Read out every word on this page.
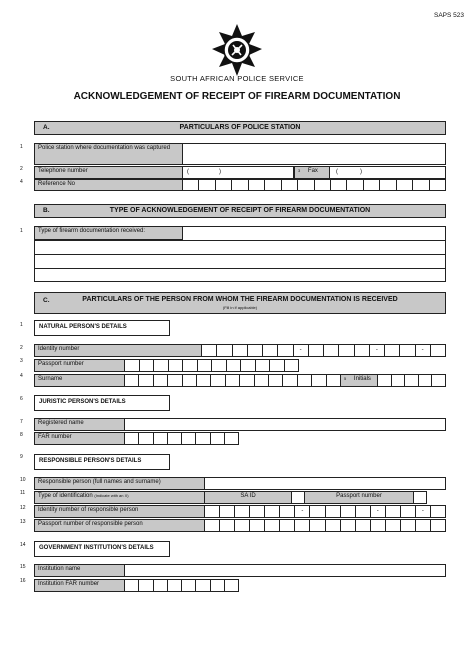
SAPS 523
SOUTH AFRICAN POLICE SERVICE
ACKNOWLEDGEMENT OF RECEIPT OF FIREARM DOCUMENTATION
A.	PARTICULARS OF POLICE STATION
1	Police station where documentation was captured
2	Telephone number	(	)	$^3$ Fax	(	)
4	Reference No
B.	TYPE OF ACKNOWLEDGEMENT OF RECEIPT OF FIREARM DOCUMENTATION
1	Type of firearm documentation received:
C.	PARTICULARS OF THE PERSON FROM WHOM THE FIREARM DOCUMENTATION IS RECEIVED
(Fill in if applicable)
1	NATURAL PERSON'S DETAILS
2	Identity number	-	-	-
3	Passport number
4	Surname	$^5$ Initials
6	JURISTIC PERSON'S DETAILS
7	Registered name
8	FAR number
9
RESPONSIBLE PERSON'S DETAILS
10	Responsible person (full names and surname)
11	Type of identification (Indicate with an X)	SA ID	Passport number
12	Identity number of responsible person	-	-	-
13	Passport number of responsible person
14	GOVERNMENT INSTITUTION'S DETAILS
15	Institution name
16	Institution FAR number
